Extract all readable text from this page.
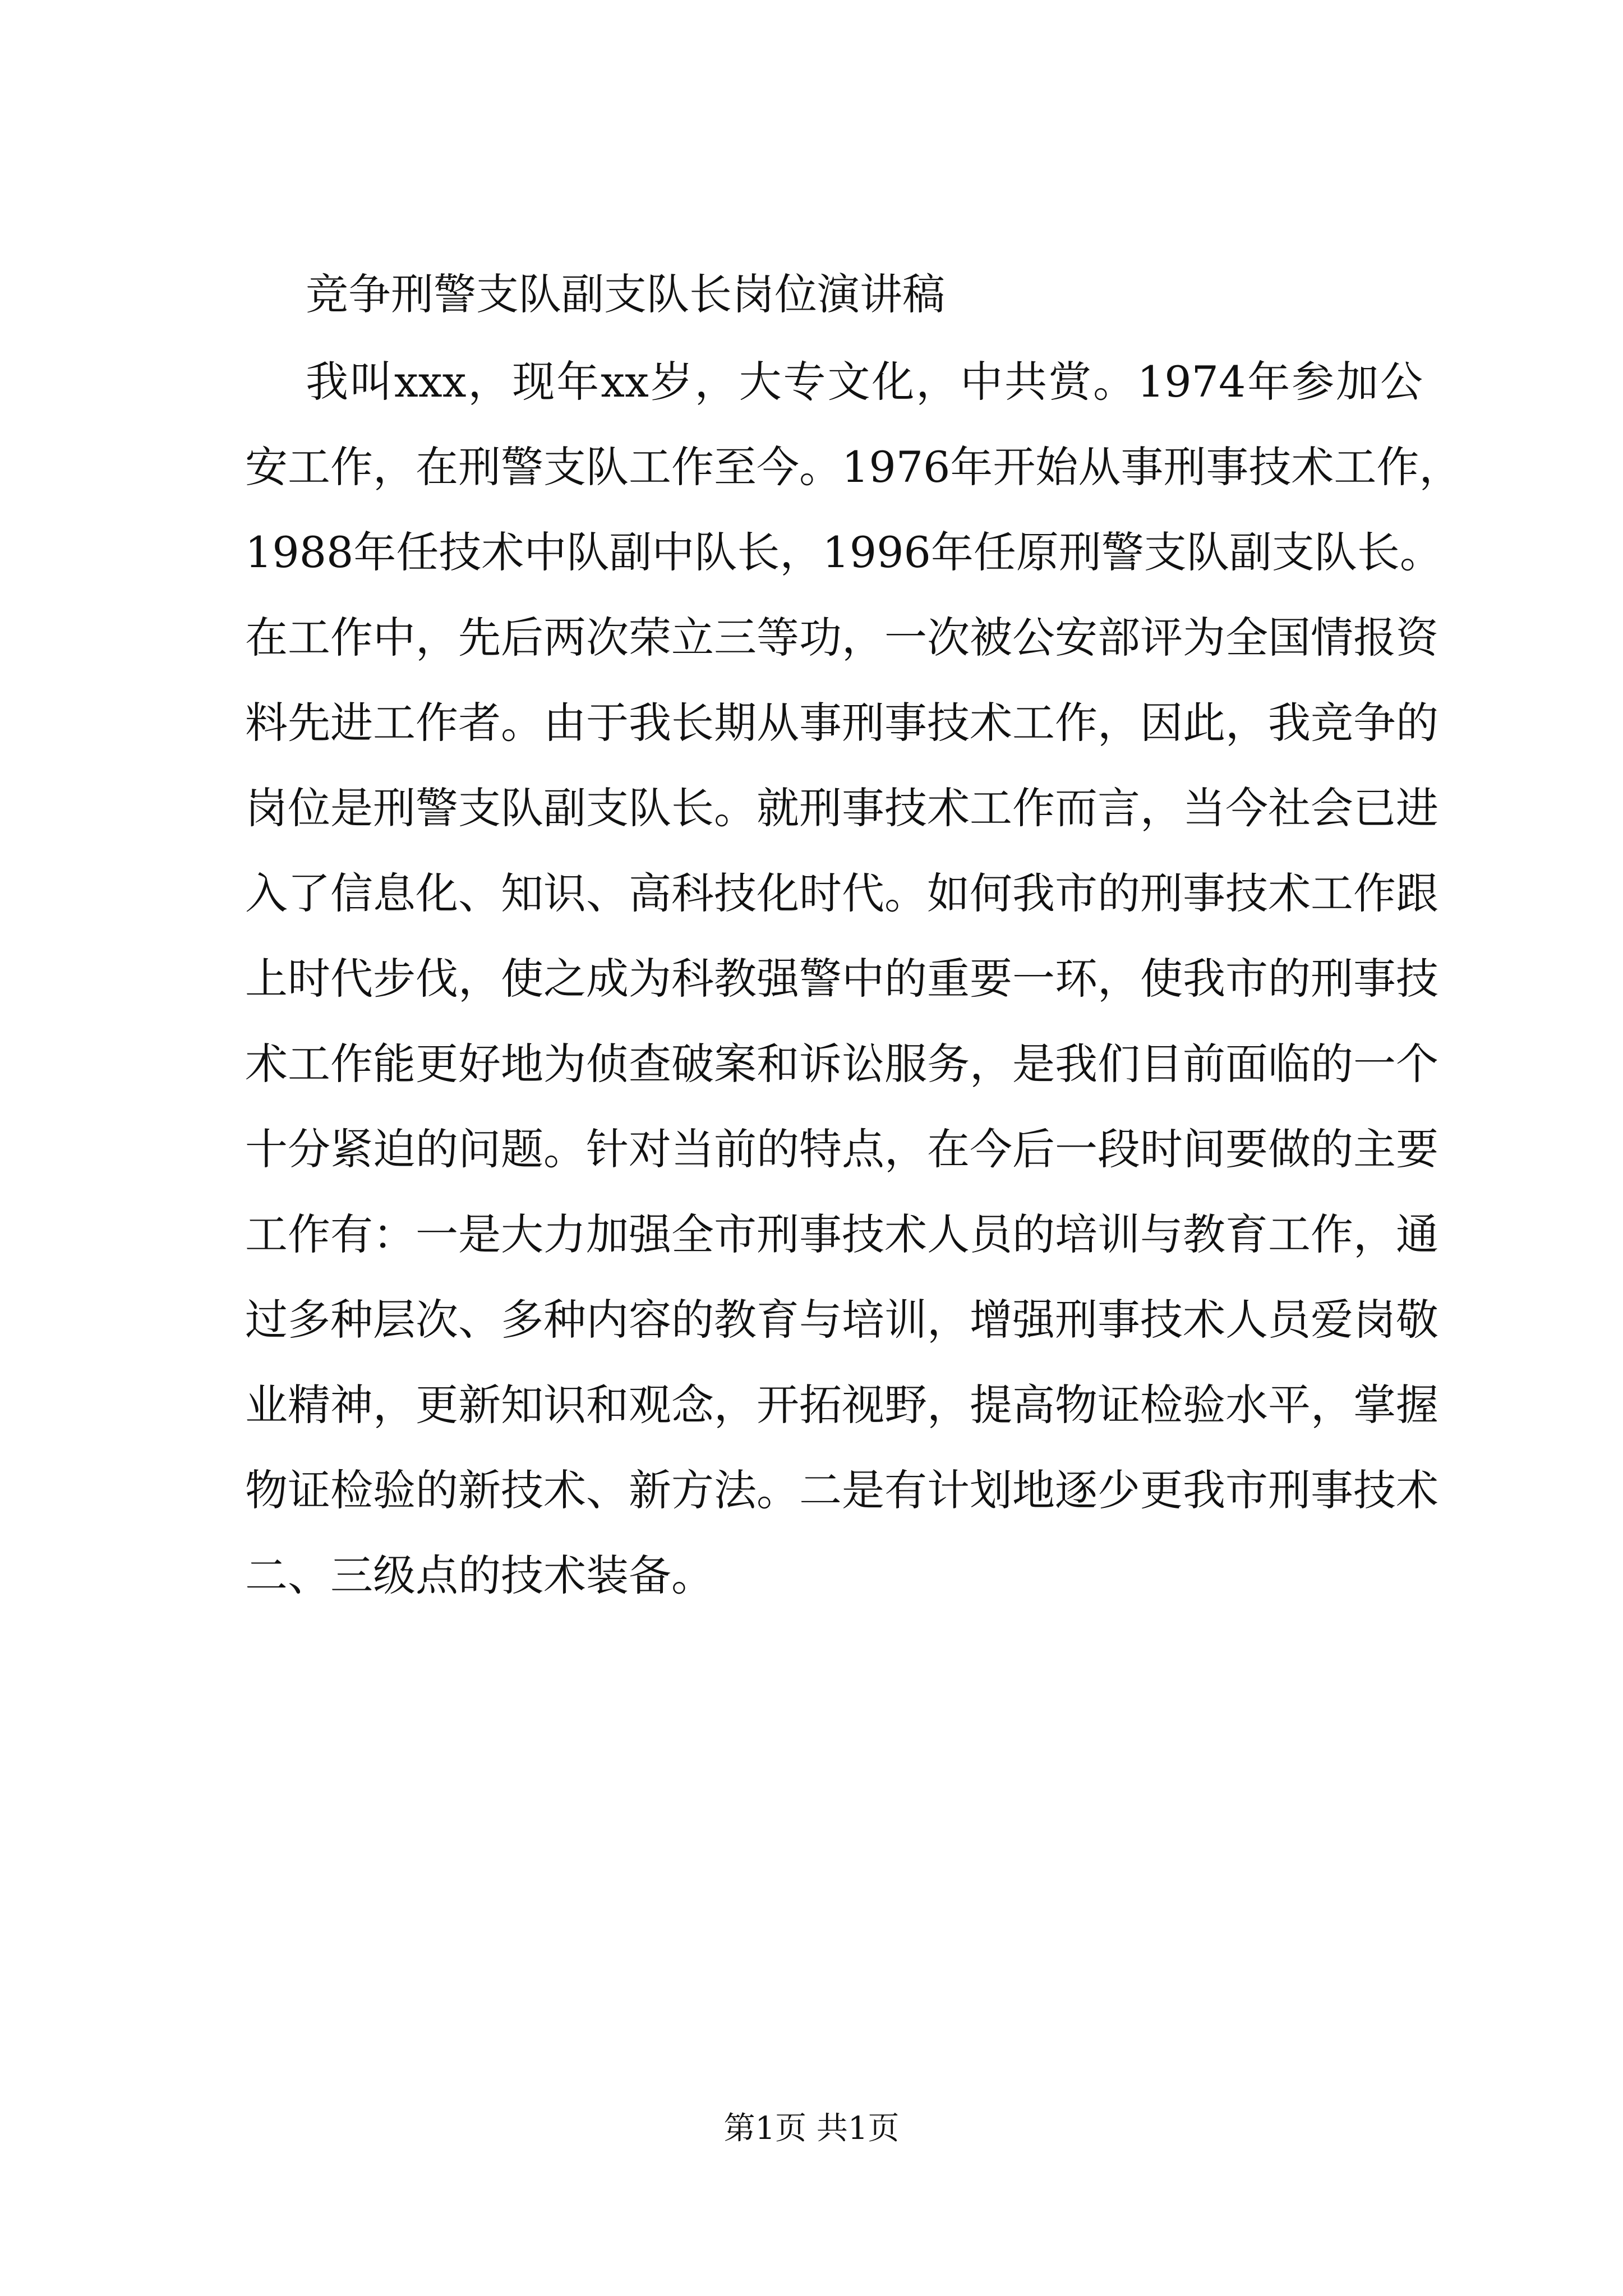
竞争刑警支队副支队长岗位演讲稿
我叫xxx，现年xx岁，大专文化，中共赏。1974年参加公
安工作，在刑警支队工作至今。1976年开始从事刑事技术工作，
1988年任技术中队副中队长，1996年任原刑警支队副支队长。
在工作中，先后两次荣立三等功，一次被公安部评为全国情报资
料先进工作者。由于我长期从事刑事技术工作，因此，我竞争的
岗位是刑警支队副支队长。就刑事技术工作而言，当今社会已进
入了信息化、知识、高科技化时代。如何我市的刑事技术工作跟
上时代步伐，使之成为科教强警中的重要一环，使我市的刑事技
术工作能更好地为侦查破案和诉讼服务，是我们目前面临的一个
十分紧迫的问题。针对当前的特点，在今后一段时间要做的主要
工作有：一是大力加强全市刑事技术人员的培训与教育工作，通
过多种层次、多种内容的教育与培训，增强刑事技术人员爱岗敬
业精神，更新知识和观念，开拓视野，提高物证检验水平，掌握
物证检验的新技术、新方法。二是有计划地逐少更我市刑事技术
二、三级点的技术装备。
第1页 共1页
